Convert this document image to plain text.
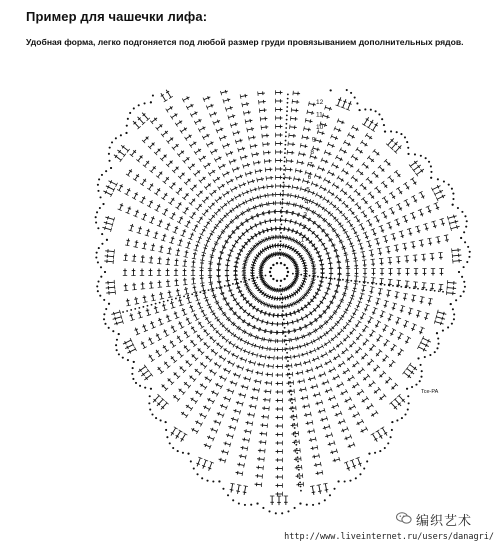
Пример для чашечки лифа:
Удобная форма, легко подгоняется под любой размер груди провязыванием дополнительных рядов.
12
11
10
9
8
7
6
5
4
3
2
1
Tce-PA
编织艺术
http://www.liveinternet.ru/users/danagri/
